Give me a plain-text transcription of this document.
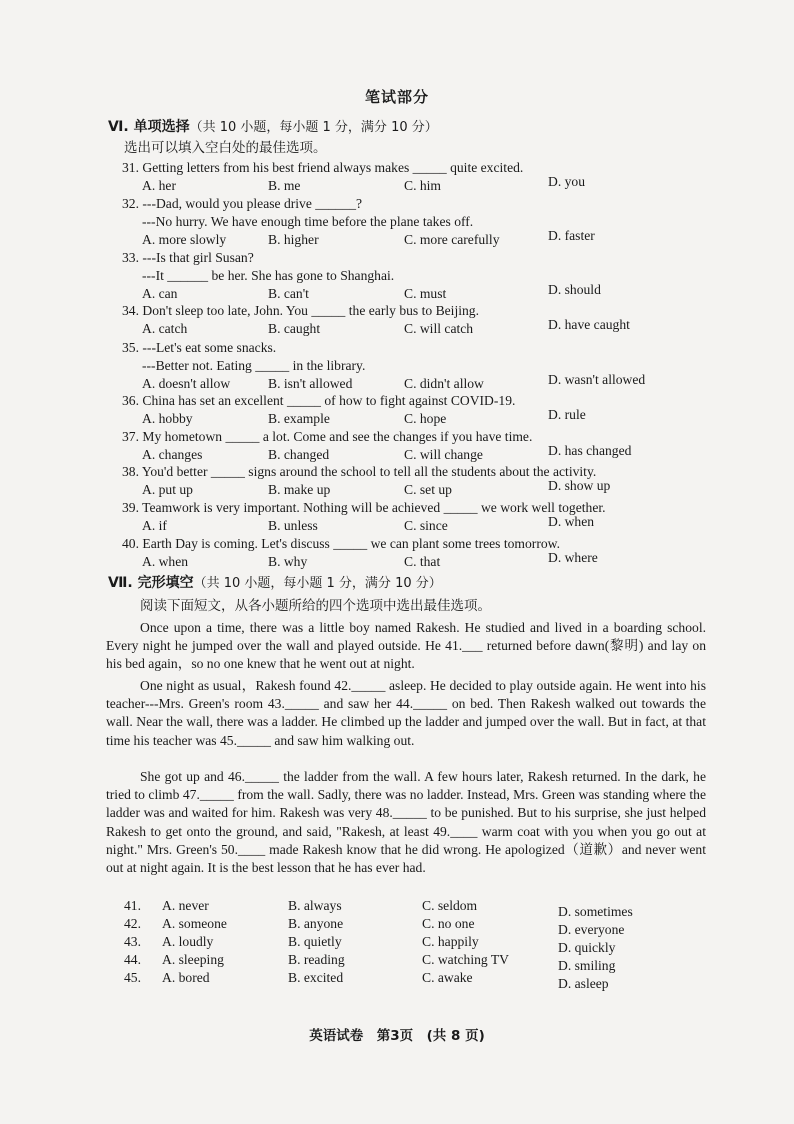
笔试部分
Ⅵ. 单项选择（共 10 小题，每小题 1 分，满分 10 分）
选出可以填入空白处的最佳选项。
31. Getting letters from his best friend always makes _____ quite excited.
A. her	B. me	C. him	D. you
32. ---Dad, would you please drive ______?
---No hurry. We have enough time before the plane takes off.
A. more slowly	B. higher	C. more carefully	D. faster
33. ---Is that girl Susan?
---It ______ be her. She has gone to Shanghai.
A. can	B. can't	C. must	D. should
34. Don't sleep too late, John. You _____ the early bus to Beijing.
A. catch	B. caught	C. will catch	D. have caught
35. ---Let's eat some snacks.
---Better not. Eating _____ in the library.
A. doesn't allow	B. isn't allowed	C. didn't allow	D. wasn't allowed
36. China has set an excellent _____ of how to fight against COVID-19.
A. hobby	B. example	C. hope	D. rule
37. My hometown _____ a lot. Come and see the changes if you have time.
A. changes	B. changed	C. will change	D. has changed
38. You'd better _____ signs around the school to tell all the students about the activity.
A. put up	B. make up	C. set up	D. show up
39. Teamwork is very important. Nothing will be achieved _____ we work well together.
A. if	B. unless	C. since	D. when
40. Earth Day is coming. Let's discuss _____ we can plant some trees tomorrow.
A. when	B. why	C. that	D. where
Ⅶ. 完形填空（共 10 小题，每小题 1 分，满分 10 分）
阅读下面短文，从各小题所给的四个选项中选出最佳选项。
Once upon a time, there was a little boy named Rakesh. He studied and lived in a boarding school. Every night he jumped over the wall and played outside. He 41.___ returned before dawn(黎明) and lay on his bed again，so no one knew that he went out at night.
One night as usual，Rakesh found 42._____ asleep. He decided to play outside again. He went into his teacher---Mrs. Green's room 43._____ and saw her 44._____ on bed. Then Rakesh walked out towards the wall. Near the wall, there was a ladder. He climbed up the ladder and jumped over the wall. But in fact, at that time his teacher was 45._____ and saw him walking out.
She got up and 46._____ the ladder from the wall. A few hours later, Rakesh returned. In the dark, he tried to climb 47._____ from the wall. Sadly, there was no ladder. Instead, Mrs. Green was standing where the ladder was and waited for him. Rakesh was very 48._____ to be punished. But to his surprise, she just helped Rakesh to get onto the ground, and said, "Rakesh, at least 49.____ warm coat with you when you go out at night." Mrs. Green's 50.____ made Rakesh know that he did wrong. He apologized（道歉）and never went out at night again. It is the best lesson that he has ever had.
41. A. never	B. always	C. seldom	D. sometimes
42. A. someone	B. anyone	C. no one	D. everyone
43. A. loudly	B. quietly	C. happily	D. quickly
44. A. sleeping	B. reading	C. watching TV	D. smiling
45. A. bored	B. excited	C. awake	D. asleep
英语试卷　第3页　(共 8 页)
